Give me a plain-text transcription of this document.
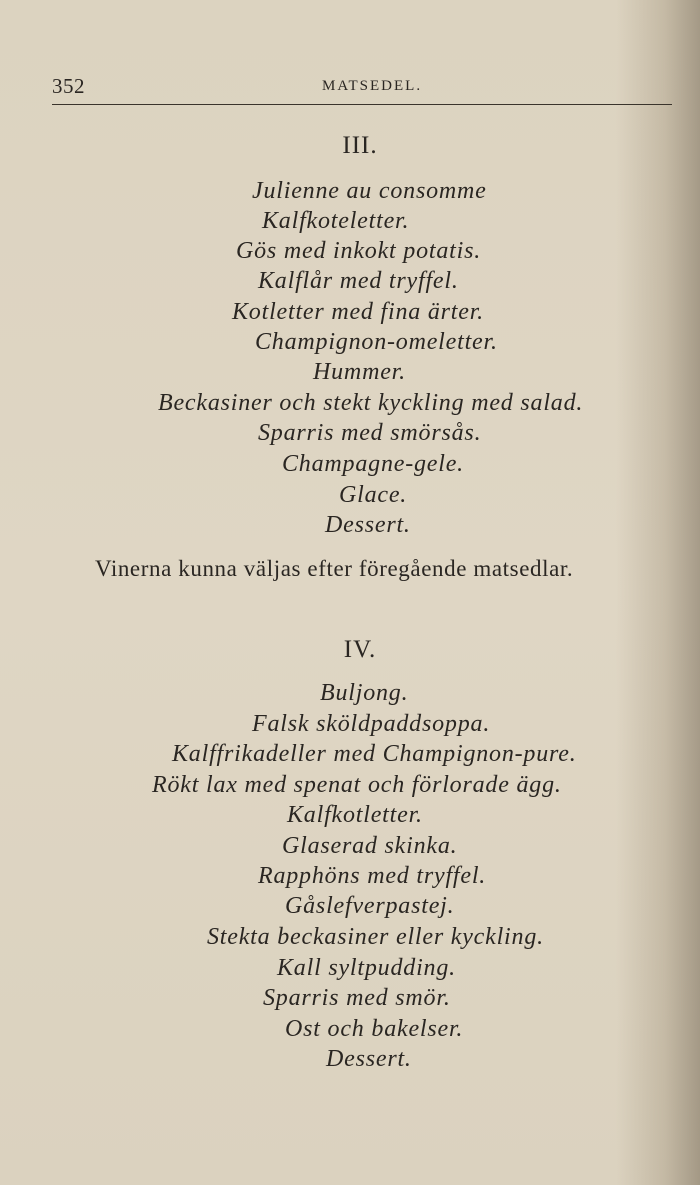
352	MATSEDEL.
III.
Julienne au consomme
Kalfkoteletter.
Gös med inkokt potatis.
Kalflår med tryffel.
Kotletter med fina ärter.
Champignon-omeletter.
Hummer.
Beckasiner och stekt kyckling med salad.
Sparris med smörsås.
Champagne-gele.
Glace.
Dessert.
Vinerna kunna väljas efter föregående matsedlar.
IV.
Buljong.
Falsk sköldpaddsoppa.
Kalffrikadeller med Champignon-pure.
Rökt lax med spenat och förlorade ägg.
Kalfkotletter.
Glaserad skinka.
Rapphöns med tryffel.
Gåslefverpastej.
Stekta beckasiner eller kyckling.
Kall syltpudding.
Sparris med smör.
Ost och bakelser.
Dessert.
